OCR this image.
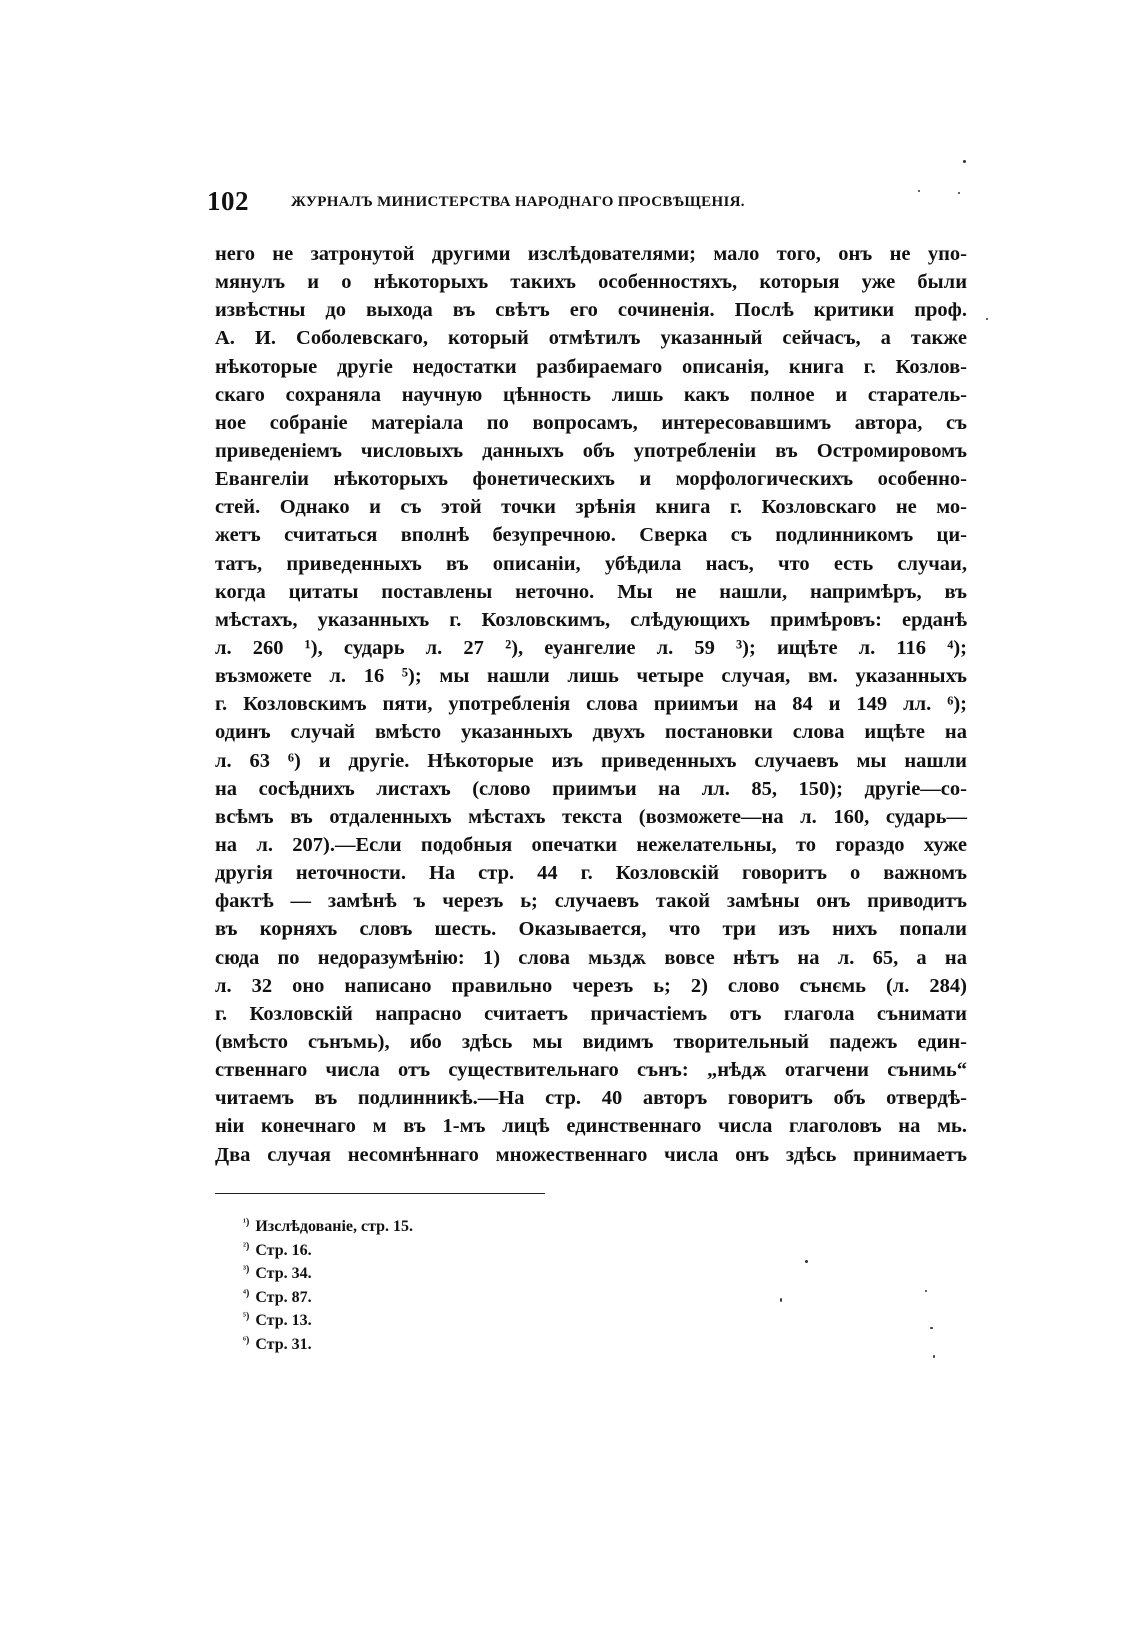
102	ЖУРНАЛЪ МИНИСТЕРСТВА НАРОДНАГО ПРОСВѢЩЕНІЯ.
него не затронутой другими изслѣдователями; мало того, онъ не упо-
мянулъ и о нѣкоторыхъ такихъ особенностяхъ, которыя уже были
извѣстны до выхода въ свѣтъ его сочиненія. Послѣ критики проф.
А. И. Соболевскаго, который отмѣтилъ указанный сейчасъ, а также
нѣкоторые другіе недостатки разбираемаго описанія, книга г. Козлов-
скаго сохраняла научную цѣнность лишь какъ полное и старатель-
ное собраніе матеріала по вопросамъ, интересовавшимъ автора, съ
приведеніемъ числовыхъ данныхъ объ употребленіи въ Остромировомъ
Евангеліи нѣкоторыхъ фонетическихъ и морфологическихъ особенно-
стей. Однако и съ этой точки зрѣнія книга г. Козловскаго не мо-
жетъ считаться вполнѣ безупречною. Сверка съ подлинникомъ ци-
татъ, приведенныхъ въ описаніи, убѣдила насъ, что есть случаи,
когда цитаты поставлены неточно. Мы не нашли, напримѣръ, въ
мѣстахъ, указанныхъ г. Козловскимъ, слѣдующихъ примѣровъ: ерданѣ
л. 260 ¹), сударь л. 27 ²), еуангелие л. 59 ³); ищѣте л. 116 ⁴);
възможете л. 16 ⁵); мы нашли лишь четыре случая, вм. указанныхъ
г. Козловскимъ пяти, употребленія слова приимъи на 84 и 149 лл. ⁶);
одинъ случай вмѣсто указанныхъ двухъ постановки слова ищѣте на
л. 63 ⁶) и другіе. Нѣкоторые изъ приведенныхъ случаевъ мы нашли
на сосѣднихъ листахъ (слово приимъи на лл. 85, 150); другіе—со-
всѣмъ въ отдаленныхъ мѣстахъ текста (возможете—на л. 160, сударь—
на л. 207).—Если подобныя опечатки нежелательны, то гораздо хуже
другія неточности. На стр. 44 г. Козловскій говоритъ о важномъ
фактѣ — замѣнѣ ъ черезъ ь; случаевъ такой замѣны онъ приводитъ
въ корняхъ словъ шесть. Оказывается, что три изъ нихъ попали
сюда по недоразумѣнію: 1) слова мьздѫ вовсе нѣтъ на л. 65, а на
л. 32 оно написано правильно черезъ ь; 2) слово сънємь (л. 284)
г. Козловскій напрасно считаетъ причастіемъ отъ глагола сънимати
(вмѣсто сънъмь), ибо здѣсь мы видимъ творительный падежъ един-
ственнаго числа отъ существительнаго сънъ: „нѣдѫ отагчени сънимь“
читаемъ въ подлинникѣ.—На стр. 40 авторъ говоритъ объ отвердѣ-
ніи конечнаго м въ 1-мъ лицѣ единственнаго числа глаголовъ на мь.
Два случая несомнѣннаго множественнаго числа онъ здѣсь принимаетъ
$^{^1)}$ Изслѣдованіе, стр. 15.
$^{^2)}$ Стр. 16.
$^{^3)}$ Стр. 34.
$^{^4)}$ Стр. 87.
$^{^5)}$ Стр. 13.
$^{^6)}$ Стр. 31.
